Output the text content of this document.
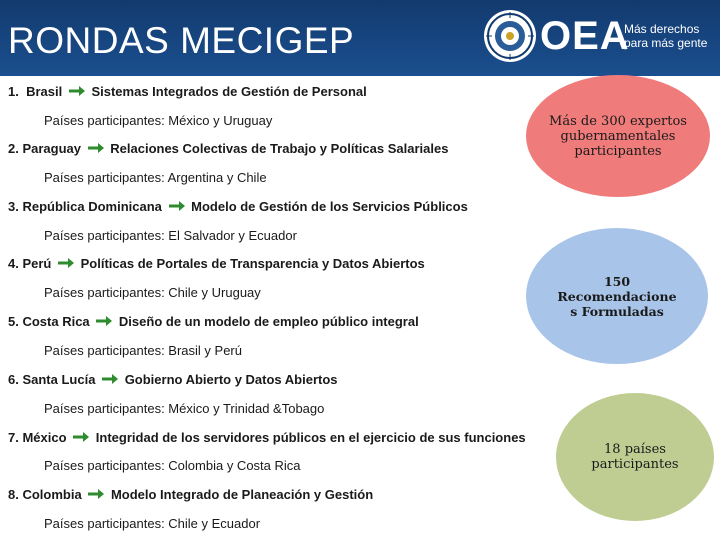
RONDAS MECIGEP	OEA
Más derechos
para más gente
1. Brasil Sistemas Integrados de Gestión de Personal
Países participantes: México y Uruguay
2. Paraguay Relaciones Colectivas de Trabajo y Políticas Salariales
Países participantes: Argentina y Chile
3. República Dominicana Modelo de Gestión de los Servicios Públicos
Países participantes: El Salvador y Ecuador
4. Perú Políticas de Portales de Transparencia y Datos Abiertos
Países participantes: Chile y Uruguay
5. Costa Rica Diseño de un modelo de empleo público integral
Países participantes: Brasil y Perú
6. Santa Lucía Gobierno Abierto y Datos Abiertos
Países participantes: México y Trinidad &Tobago
7. México Integridad de los servidores públicos en el ejercicio de sus funciones
Países participantes: Colombia y Costa Rica
8. Colombia Modelo Integrado de Planeación y Gestión
Países participantes: Chile y Ecuador
Más de 300 expertos
gubernamentales
participantes
150
Recomendacione
s Formuladas
18 países
participantes
